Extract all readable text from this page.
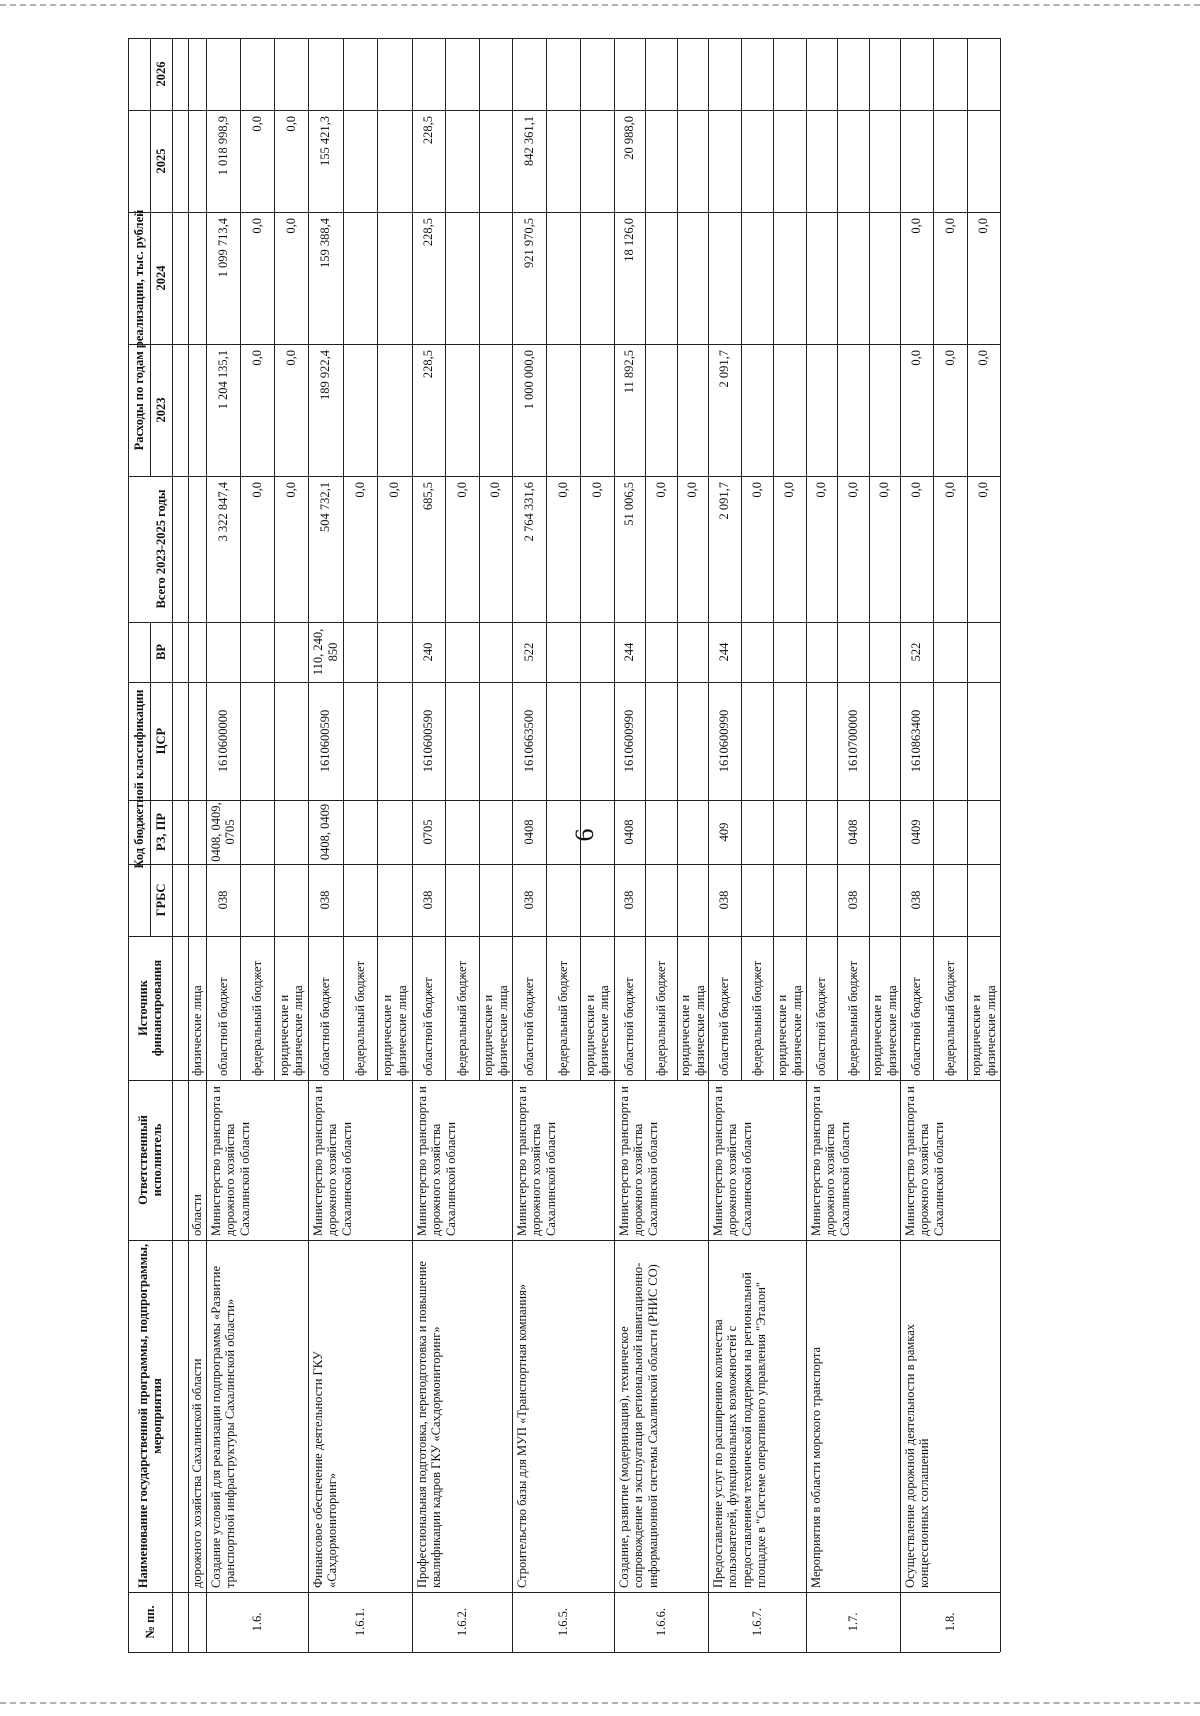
6
№ пп.
Наименование государственной программы, подпрограммы, мероприятия
Ответственный исполнитель
Источник финансирования
Код бюджетной классификации
ГРБС
РЗ, ПР
ЦСР
ВР
Расходы по годам реализации, тыс. рублей
Всего 2023-2025 годы
2023
2024
2025
2026
дорожного хозяйства Сахалинской области
области
физические лица
1.6.
Создание условий для реализации подпрограммы «Развитие транспортной инфраструктуры Сахалинской области»
Министерство транспорта и дорожного хозяйства Сахалинской области
областной бюджет
038
0408, 0409, 0705
1610600000
3 322 847,4
1 204 135,1
1 099 713,4
1 018 998,9
федеральный бюджет
0,0
0,0
0,0
0,0
юридические и физические лица
0,0
0,0
0,0
0,0
1.6.1.
Финансовое обеспечение деятельности ГКУ «Сахдормониторинг»
Министерство транспорта и дорожного хозяйства Сахалинской области
областной бюджет
038
0408, 0409
1610600590
110, 240, 850
504 732,1
189 922,4
159 388,4
155 421,3
федеральный бюджет
0,0
юридические и физические лица
0,0
1.6.2.
Профессиональная подготовка, переподготовка и повышение квалификации кадров ГКУ «Сахдормониторинг»
Министерство транспорта и дорожного хозяйства Сахалинской области
областной бюджет
038
0705
1610600590
240
685,5
228,5
228,5
228,5
федеральный бюджет
0,0
юридические и физические лица
0,0
1.6.5.
Строительство базы для МУП «Транспортная компания»
Министерство транспорта и дорожного хозяйства Сахалинской области
областной бюджет
038
0408
1610663500
522
2 764 331,6
1 000 000,0
921 970,5
842 361,1
федеральный бюджет
0,0
юридические и физические лица
0,0
1.6.6.
Создание, развитие (модернизация), техническое сопровождение и эксплуатация региональной навигационно-информационной системы Сахалинской области (РНИС СО)
Министерство транспорта и дорожного хозяйства Сахалинской области
областной бюджет
038
0408
1610600990
244
51 006,5
11 892,5
18 126,0
20 988,0
федеральный бюджет
0,0
юридические и физические лица
0,0
1.6.7.
Предоставление услуг по расширению количества пользователей, функциональных возможностей с предоставлением технической поддержки на региональной площадке в "Системе оперативного управления "Эталон"
Министерство транспорта и дорожного хозяйства Сахалинской области
областной бюджет
038
409
1610600990
244
2 091,7
2 091,7
федеральный бюджет
0,0
юридические и физические лица
0,0
1.7.
Мероприятия в области морского транспорта
Министерство транспорта и дорожного хозяйства Сахалинской области
областной бюджет
0,0
федеральный бюджет
038
0408
1610700000
0,0
юридические и физические лица
0,0
1.8.
Осуществление дорожной деятельности в рамках концессионных соглашений
Министерство транспорта и дорожного хозяйства Сахалинской области
областной бюджет
038
0409
1610863400
522
0,0
0,0
0,0
федеральный бюджет
0,0
0,0
0,0
юридические и физические лица
0,0
0,0
0,0
